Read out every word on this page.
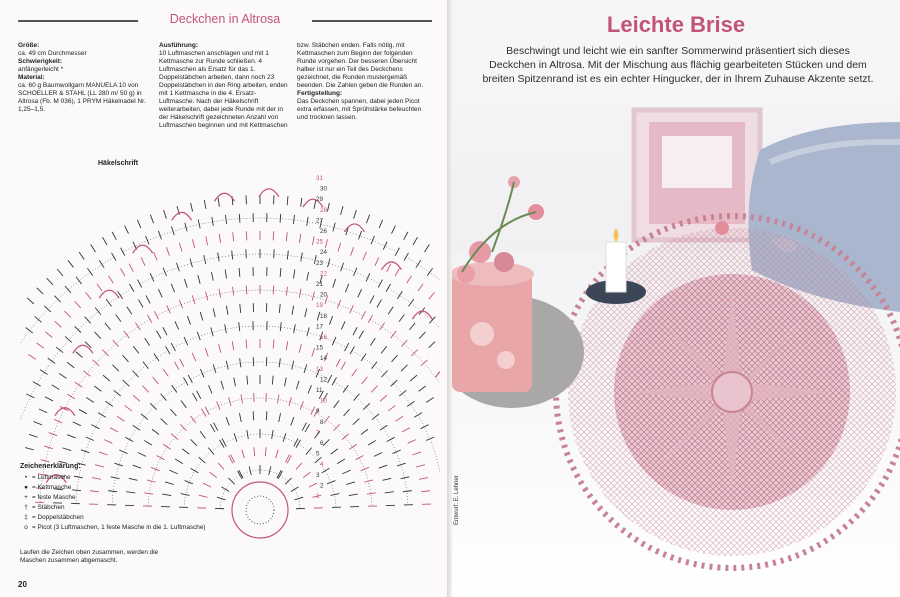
Deckchen in Altrosa
Größe:

ca. 49 cm Durchmesser

Schwierigkeit:

anfängerleicht *

Material:

ca. 60 g Baumwollgarn MANUELA 10 von SCHOELLER & STAHL (LL 280 m/ 50 g) in Altrosa (Fb. M 036), 1 PRYM Häkelnadel Nr. 1,25–1,5.

Ausführung:

10 Luftmaschen anschlagen und mit 1 Kettmasche zur Runde schließen. 4 Luftmaschen als Ersatz für das 1. Doppelstäbchen arbeiten, dann noch 23 Doppelstäbchen in den Ring arbeiten, enden mit 1 Kettmasche in die 4. Ersatz-Luftmasche. Nach der Häkelschrift weiterarbeiten, dabei jede Runde mit der in der Häkelschrift gezeichneten Anzahl von Luftmaschen beginnen und mit Kettmaschen

bzw. Stäbchen enden. Falls nötig, mit Kettmaschen zum Beginn der folgenden Runde vorgehen. Der besseren Übersicht halber ist nur ein Teil des Deckchens gezeichnet, die Runden mustergemäß beenden. Die Zahlen geben die Runden an.

Fertigstellung:

Das Deckchen spannen, dabei jeden Picot extra erfassen, mit Sprühstärke befeuchten und trocknen lassen.

31
30
29
28
27
26
25
24
23
22
21
20
19
18
17
16
15
14
13
12
11
10
9
8
7
6
5
4
3
2
1
Häkelschrift
Zeichenerklärung:
• = Luftmasche
● = Kettmasche
+ = feste Masche
† = Stäbchen
‡ = Doppelstäbchen
o = Picot (3 Luftmaschen, 1 feste Masche in die 1. Luftmasche)
Laufen die Zeichen oben zusammen, werden die Maschen zusammen abgemascht.
20
Leichte Brise
Beschwingt und leicht wie ein sanfter Sommerwind präsentiert sich dieses Deckchen in Altrosa. Mit der Mischung aus flächig gearbeiteten Stücken und dem breiten Spitzenrand ist es ein echter Hingucker, der in Ihrem Zuhause Akzente setzt.
Entwurf: E. Lehner
